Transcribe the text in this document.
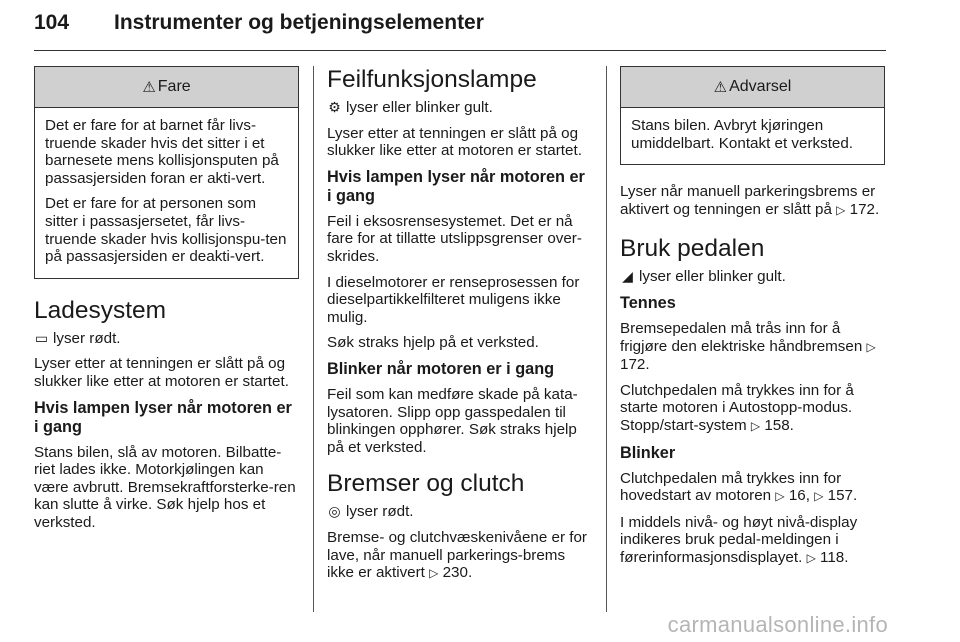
104 Instrumenter og betjeningselementer
⚠ Fare

Det er fare for at barnet får livs-truende skader hvis det sitter i et barnesete mens kollisjonsputen på passasjersiden foran er akti-vert.

Det er fare for at personen som sitter i passasjersetet, får livs-truende skader hvis kollisjonspu-ten på passasjersiden er deakti-vert.

Ladesystem

▭ lyser rødt.

Lyser etter at tenningen er slått på og slukker like etter at motoren er startet.

Hvis lampen lyser når motoren er i gang

Stans bilen, slå av motoren. Bilbatte-riet lades ikke. Motorkjølingen kan være avbrutt. Bremsekraftforsterke-ren kan slutte å virke. Søk hjelp hos et verksted.

Feilfunksjonslampe

⚙ lyser eller blinker gult.

Lyser etter at tenningen er slått på og slukker like etter at motoren er startet.

Hvis lampen lyser når motoren er i gang

Feil i eksosrensesystemet. Det er nå fare for at tillatte utslippsgrenser over-skrides.

I dieselmotorer er renseprosessen for dieselpartikkelfilteret muligens ikke mulig.

Søk straks hjelp på et verksted.

Blinker når motoren er i gang

Feil som kan medføre skade på kata-lysatoren. Slipp opp gasspedalen til blinkingen opphører. Søk straks hjelp på et verksted.

Bremser og clutch

◎ lyser rødt.

Bremse- og clutchvæskenivåene er for lave, når manuell parkerings-brems ikke er aktivert ▷ 230.

⚠ Advarsel

Stans bilen. Avbryt kjøringen umiddelbart. Kontakt et verksted.

Lyser når manuell parkeringsbrems er aktivert og tenningen er slått på ▷ 172.

Bruk pedalen

◢ lyser eller blinker gult.

Tennes

Bremsepedalen må trås inn for å frigjøre den elektriske håndbremsen ▷ 172.

Clutchpedalen må trykkes inn for å starte motoren i Autostopp-modus. Stopp/start-system ▷ 158.

Blinker

Clutchpedalen må trykkes inn for hovedstart av motoren ▷ 16, ▷ 157.

I middels nivå- og høyt nivå-display indikeres bruk pedal-meldingen i førerinformasjonsdisplayet. ▷ 118.

carmanualsonline.info
